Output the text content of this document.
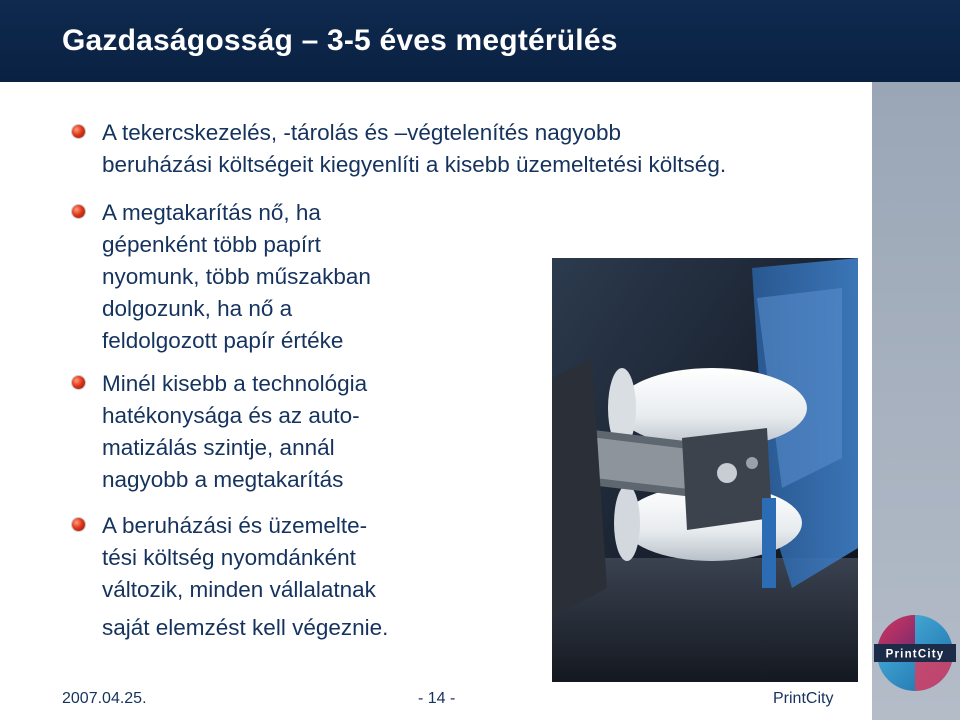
Gazdaságosság – 3-5 éves megtérülés
A tekercskezelés, -tárolás és –végtelenítés nagyobb
beruházási költségeit kiegyenlíti a kisebb üzemeltetési költség.
A megtakarítás nő, ha
gépenként több papírt
nyomunk, több műszakban
dolgozunk, ha nő a
feldolgozott papír értéke
Minél kisebb a technológia
hatékonysága és az auto-
matizálás szintje, annál
nagyobb a megtakarítás
A beruházási és üzemelte-
tési költség nyomdánként
változik, minden vállalatnak
saját elemzést kell végeznie.
PrintCity
2007.04.25.	- 14 -	PrintCity
